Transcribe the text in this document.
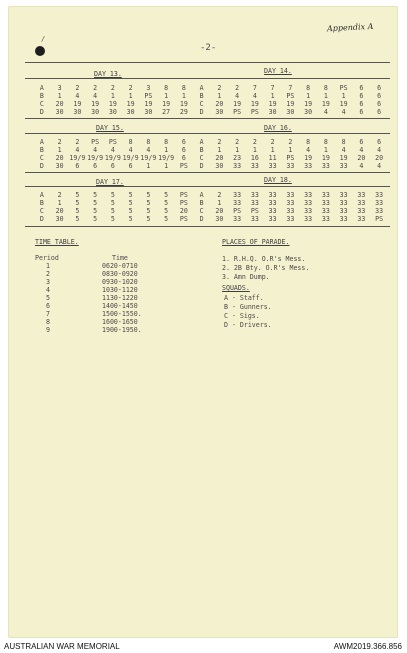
/
-2-
Appendix A
DAY 13.	DAY 14.
A	3	2	2	2	2	3	8	8	A	2	2	7	7	7	8	8	PS	6	6
B	1	4	4	1	1	PS	1	1	B	1	4	4	1	PS	1	1	1	6	6
C	20	19	19	19	19	19	19	19	C	20	19	19	19	19	19	19	19	6	6
D	30	30	30	30	30	30	27	29	D	30	PS	PS	30	30	30	4	4	6	6
DAY 15.	DAY 16.
A	2	2	PS	PS	8	8	8	6	A	2	2	2	2	2	8	8	8	6	6
B	1	4	4	4	4	4	1	6	B	1	1	1	1	1	4	1	4	4	4
C	20 19/9 19/9 19/9 19/9 19/9 19/9	6	C	20	23	16	11	PS	19	19	19	20	20
D	30	6	6	6	6	1	1	PS	D	30	33	33	33	33	33	33	33	4	4
DAY 17.	DAY 18.
A	2	5	5	5	5	5	5	PS	A	2	33	33	33	33	33	33	33	33	33
B	1	5	5	5	5	5	5	PS	B	1	33	33	33	33	33	33	33	33	33
C	20	5	5	5	5	5	5	20	C	20	PS	PS	33	33	33	33	33	33	33
D	30	5	5	5	5	5	5	PS	D	30	33	33	33	33	33	33	33	33	PS
TIME TABLE.
Period	Time
1	0620-0710
2	0830-0920
3	0930-1020
4	1030-1120
5	1130-1220
6	1400-1450
7	1500-1550.
8	1600-1650
9	1900-1950.
PLACES OF PARADE.
1. R.H.Q. O.R's Mess.
2. 2B Bty. O.R's Mess.
3. Amn Dump.
SQUADS.
A - Staff.
B - Gunners.
C - Sigs.
D - Drivers.
AUSTRALIAN WAR MEMORIAL	AWM2019.366.856
